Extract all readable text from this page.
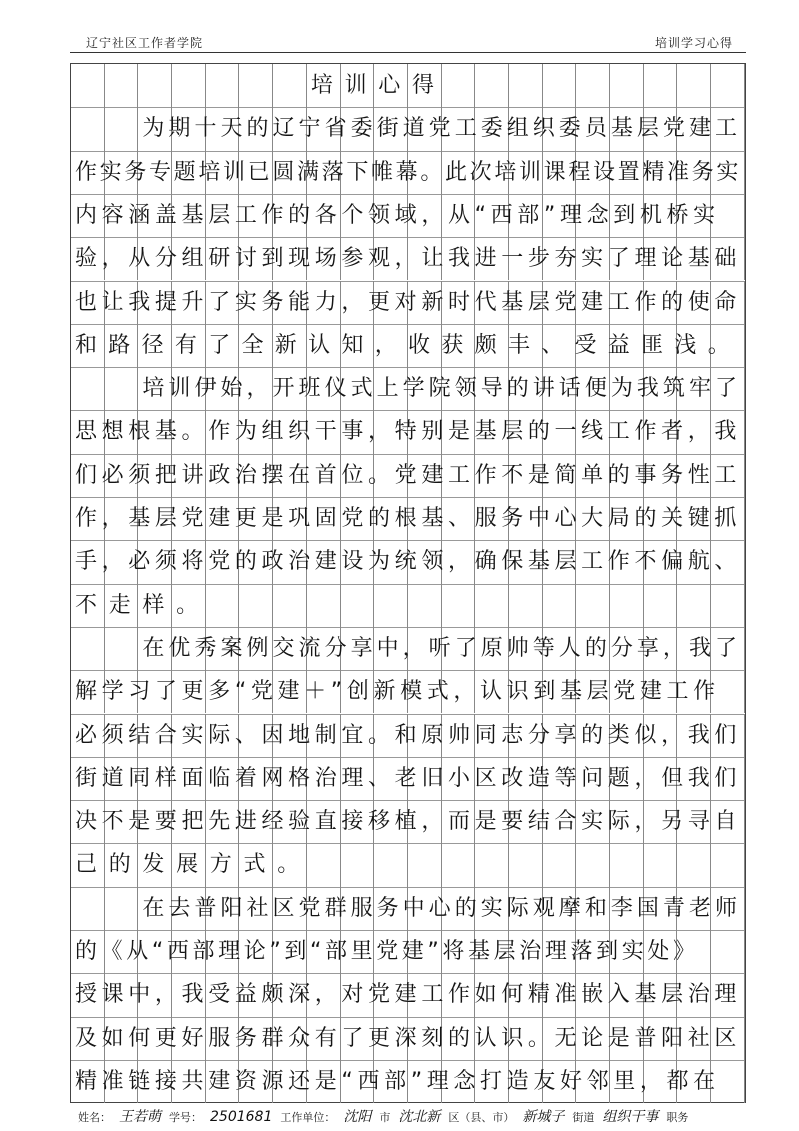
辽宁社区工作者学院	培训学习心得
培训心得
为期十天的辽宁省委街道党工委组织委员基层党建工
作实务专题培训已圆满落下帷幕。此次培训课程设置精准务实
内容涵盖基层工作的各个领域，从“西部”理念到机桥实
验，从分组研讨到现场参观，让我进一步夯实了理论基础
也让我提升了实务能力，更对新时代基层党建工作的使命
和路径有了全新认知，收获颇丰、受益匪浅。
培训伊始，开班仪式上学院领导的讲话便为我筑牢了
思想根基。作为组织干事，特别是基层的一线工作者，我
们必须把讲政治摆在首位。党建工作不是简单的事务性工
作，基层党建更是巩固党的根基、服务中心大局的关键抓
手，必须将党的政治建设为统领，确保基层工作不偏航、
不走样。
在优秀案例交流分享中，听了原帅等人的分享，我了
解学习了更多“党建＋”创新模式，认识到基层党建工作
必须结合实际、因地制宜。和原帅同志分享的类似，我们
街道同样面临着网格治理、老旧小区改造等问题，但我们
决不是要把先进经验直接移植，而是要结合实际，另寻自
己的发展方式。
在去普阳社区党群服务中心的实际观摩和李国青老师
的《从“西部理论”到“部里党建”将基层治理落到实处》
授课中，我受益颇深，对党建工作如何精准嵌入基层治理
及如何更好服务群众有了更深刻的认识。无论是普阳社区
精准链接共建资源还是“西部”理念打造友好邻里，都在
姓名： 王若萌 学号： 2501681 工作单位： 沈阳 市 沈北新 区（县、市） 新城子 街道 组织干事 职务
